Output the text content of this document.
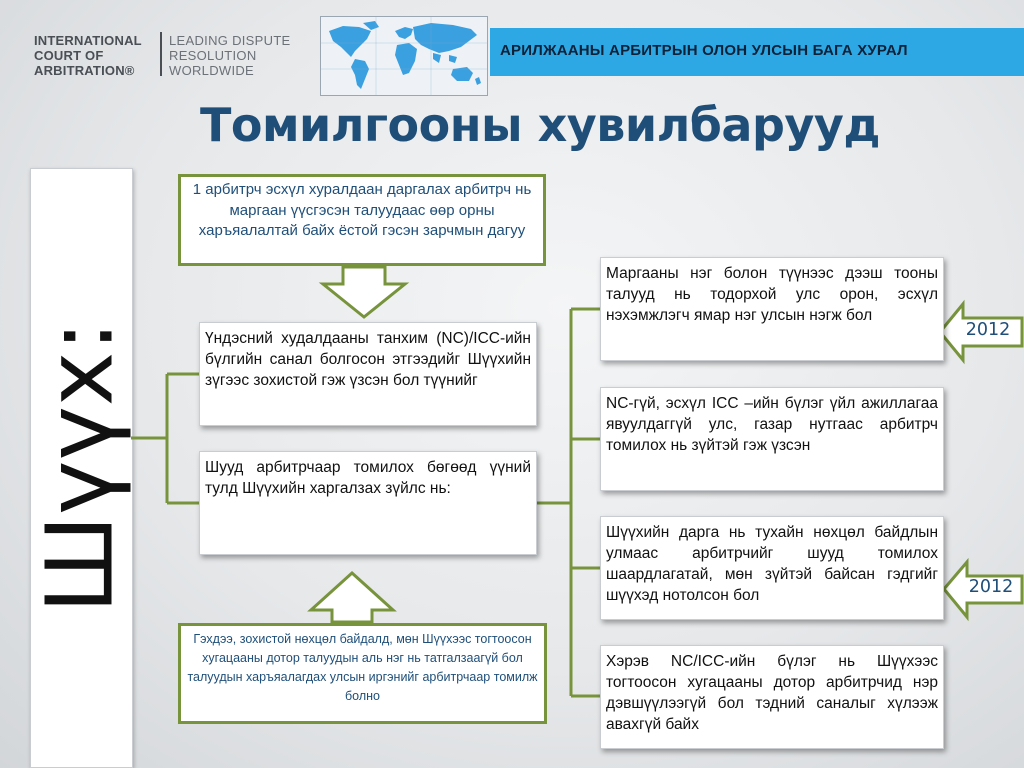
INTERNATIONAL
COURT OF
ARBITRATION®
LEADING DISPUTE
RESOLUTION
WORLDWIDE
АРИЛЖААНЫ АРБИТРЫН ОЛОН УЛСЫН БАГА ХУРАЛ
Томилгооны хувилбарууд
Шүүх:
1 арбитрч эсхүл хуралдаан даргалах арбитрч нь маргаан үүсгэсэн талуудаас өөр орны харъяалалтай байх ёстой гэсэн зарчмын дагуу
Гэхдээ, зохистой нөхцөл байдалд, мөн Шүүхээс тогтоосон хугацааны дотор талуудын аль нэг нь татгалзаагүй бол талуудын харъяалагдах улсын иргэнийг арбитрчаар томилж болно
Үндэсний худалдааны танхим (NC)/ICC-ийн бүлгийн санал болгосон этгээдийг Шүүхийн зүгээс зохистой гэж үзсэн бол түүнийг
Шууд арбитрчаар томилох бөгөөд үүний тулд Шүүхийн харгалзах зүйлс нь:
Маргааны нэг болон түүнээс дээш тооны талууд нь тодорхой улс орон, эсхүл нэхэмжлэгч ямар нэг улсын нэгж бол
NC-гүй, эсхүл ICC –ийн бүлэг үйл ажиллагаа явуулдаггүй улс, газар нутгаас арбитрч томилох нь зүйтэй гэж үзсэн
Шүүхийн дарга нь тухайн нөхцөл байдлын улмаас арбитрчийг шууд томилох шаардлагатай, мөн зүйтэй байсан гэдгийг шүүхэд нотолсон бол
Хэрэв NC/ICC-ийн бүлэг нь Шүүхээс тогтоосон хугацааны дотор арбитрчид нэр дэвшүүлээгүй бол тэдний саналыг хүлээж авахгүй байх
2012
2012
